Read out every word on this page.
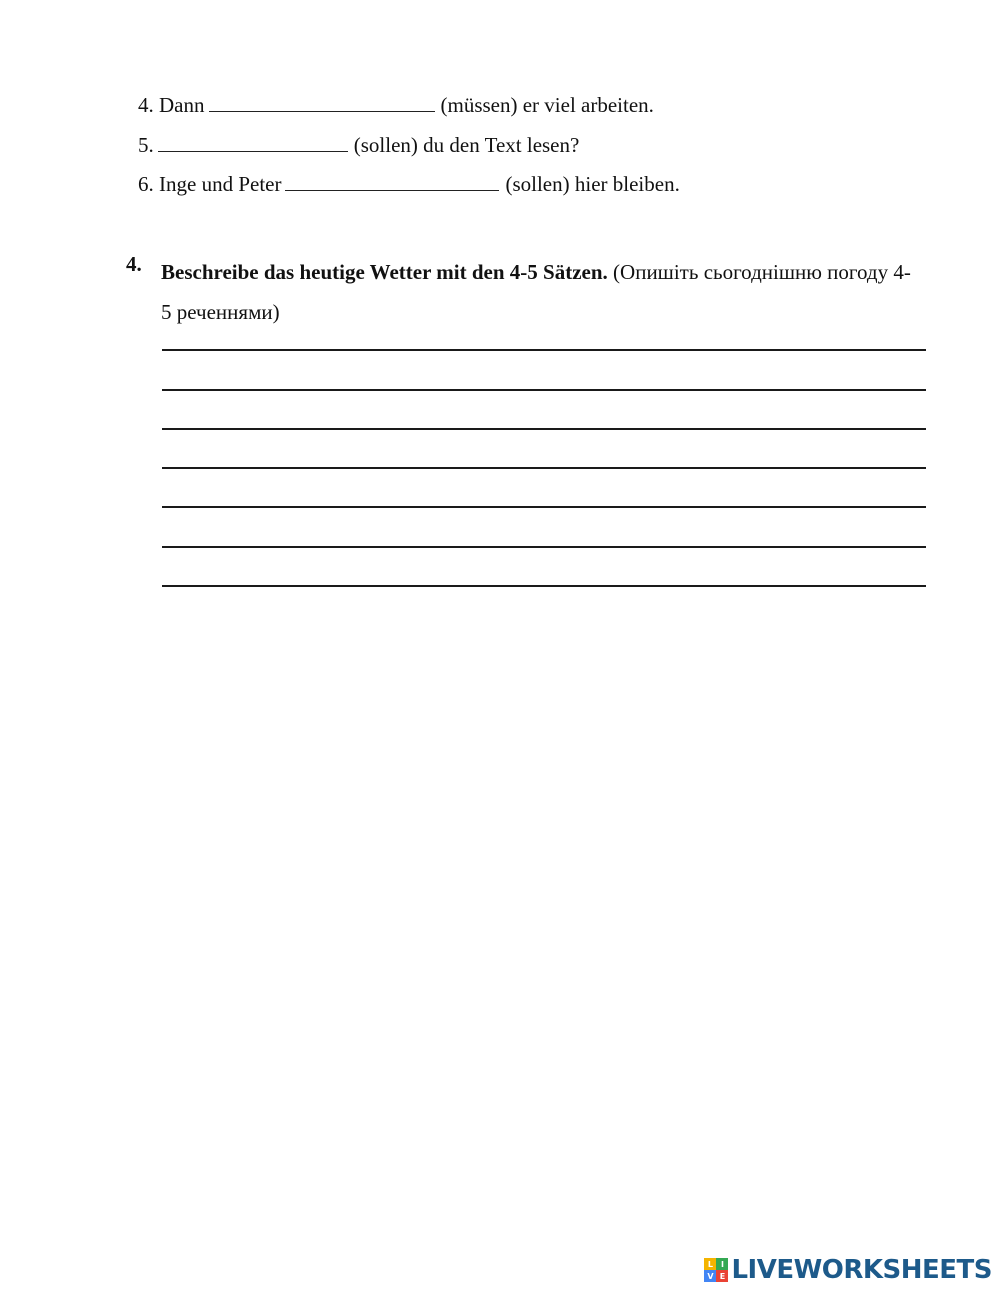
4. Dann	(müssen) er viel arbeiten.
5.	(sollen) du den Text lesen?
6. Inge und Peter	(sollen) hier bleiben.
4. Beschreibe das heutige Wetter mit den 4-5 Sätzen. (Опишіть сьогоднішню погоду 4-5 реченнями)
L I
V E LIVEWORKSHEETS
